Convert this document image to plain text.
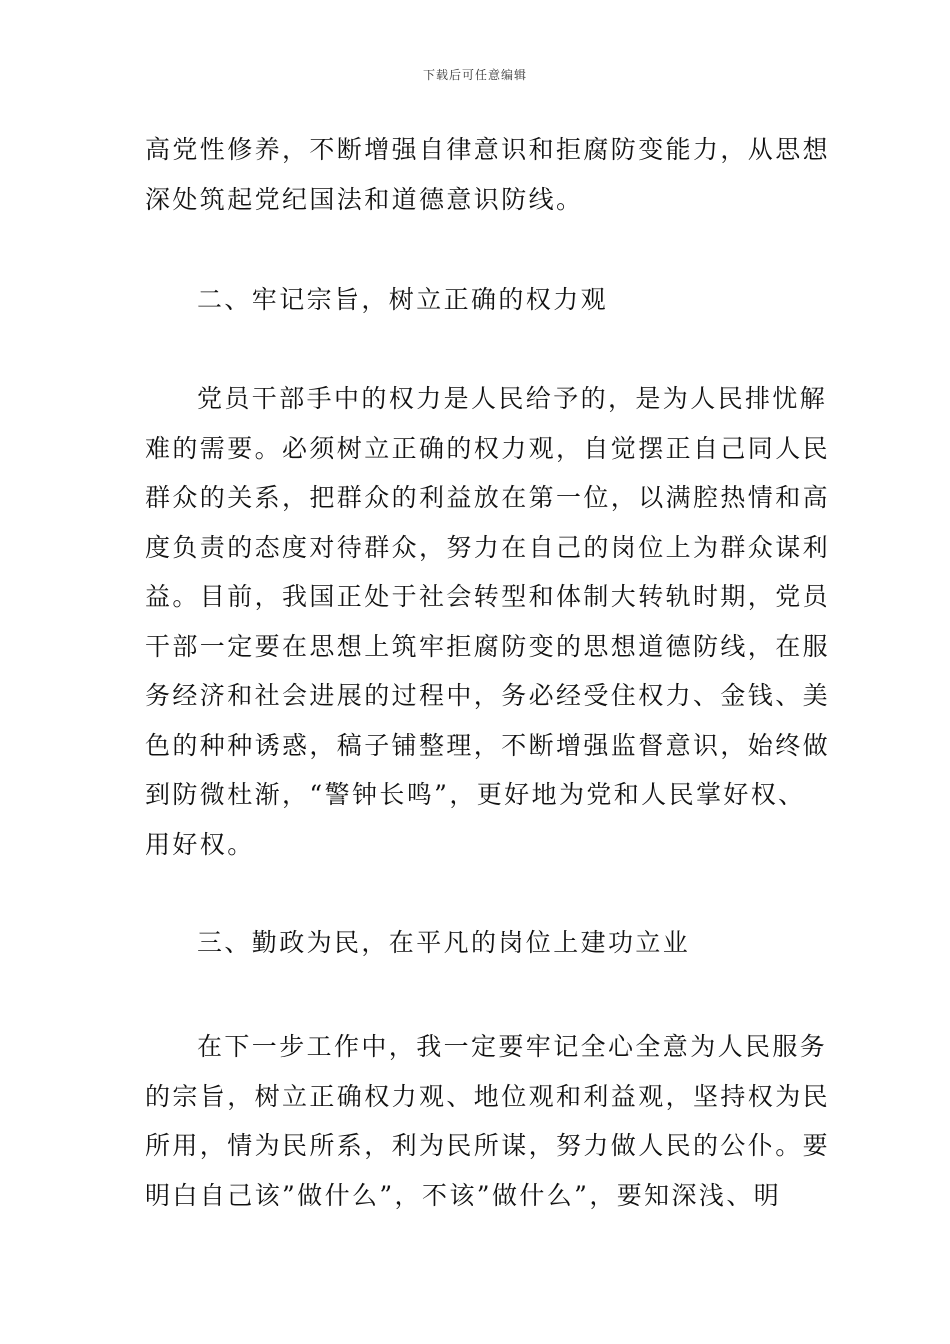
下载后可任意编辑
高党性修养，不断增强自律意识和拒腐防变能力，从思想
深处筑起党纪国法和道德意识防线。
二、牢记宗旨，树立正确的权力观
党员干部手中的权力是人民给予的，是为人民排忧解
难的需要。必须树立正确的权力观，自觉摆正自己同人民
群众的关系，把群众的利益放在第一位，以满腔热情和高
度负责的态度对待群众，努力在自己的岗位上为群众谋利
益。目前，我国正处于社会转型和体制大转轨时期，党员
干部一定要在思想上筑牢拒腐防变的思想道德防线，在服
务经济和社会进展的过程中，务必经受住权力、金钱、美
色的种种诱惑，稿子铺整理，不断增强监督意识，始终做
到防微杜渐，“警钟长鸣”，更好地为党和人民掌好权、
用好权。
三、勤政为民，在平凡的岗位上建功立业
在下一步工作中，我一定要牢记全心全意为人民服务
的宗旨，树立正确权力观、地位观和利益观，坚持权为民
所用，情为民所系，利为民所谋，努力做人民的公仆。要
明白自己该”做什么”，不该”做什么”，要知深浅、明
